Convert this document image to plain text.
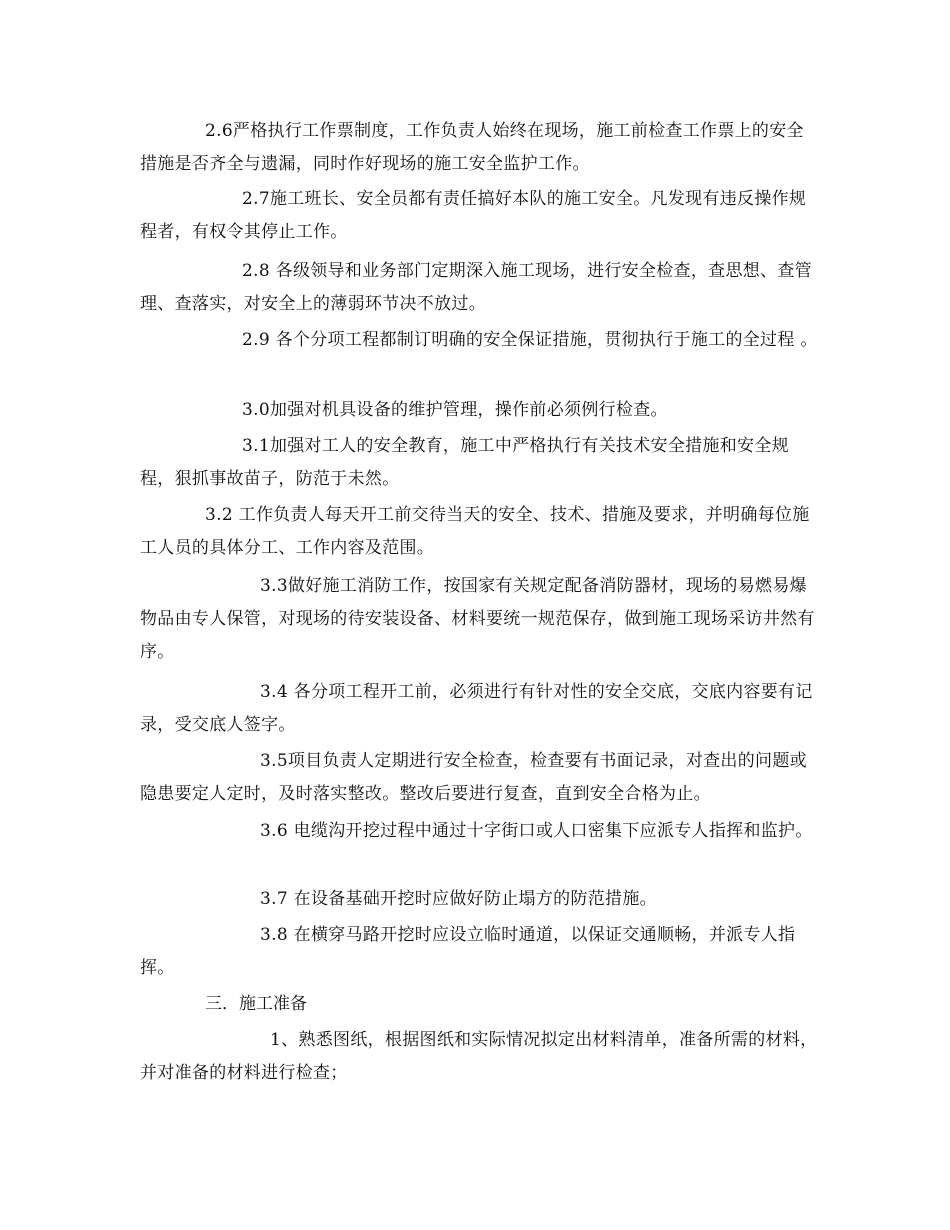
2.6严格执行工作票制度，工作负责人始终在现场，施工前检查工作票上的安全措施是否齐全与遗漏，同时作好现场的施工安全监护工作。

2.7施工班长、安全员都有责任搞好本队的施工安全。凡发现有违反操作规程者，有权令其停止工作。

2.8 各级领导和业务部门定期深入施工现场，进行安全检查，查思想、查管理、查落实，对安全上的薄弱环节决不放过。

2.9 各个分项工程都制订明确的安全保证措施，贯彻执行于施工的全过程 。

3.0加强对机具设备的维护管理，操作前必须例行检查。

3.1加强对工人的安全教育，施工中严格执行有关技术安全措施和安全规程，狠抓事故苗子，防范于未然。

3.2 工作负责人每天开工前交待当天的安全、技术、措施及要求，并明确每位施工人员的具体分工、工作内容及范围。

3.3做好施工消防工作，按国家有关规定配备消防器材，现场的易燃易爆物品由专人保管，对现场的待安装设备、材料要统一规范保存，做到施工现场采访井然有序。

3.4 各分项工程开工前，必须进行有针对性的安全交底，交底内容要有记录，受交底人签字。

3.5项目负责人定期进行安全检查，检查要有书面记录，对查出的问题或隐患要定人定时，及时落实整改。整改后要进行复查，直到安全合格为止。

3.6 电缆沟开挖过程中通过十字街口或人口密集下应派专人指挥和监护。

3.7 在设备基础开挖时应做好防止塌方的防范措施。

3.8 在横穿马路开挖时应设立临时通道，以保证交通顺畅，并派专人指挥。

三．施工准备

1、熟悉图纸，根据图纸和实际情况拟定出材料清单，准备所需的材料，并对准备的材料进行检查；
